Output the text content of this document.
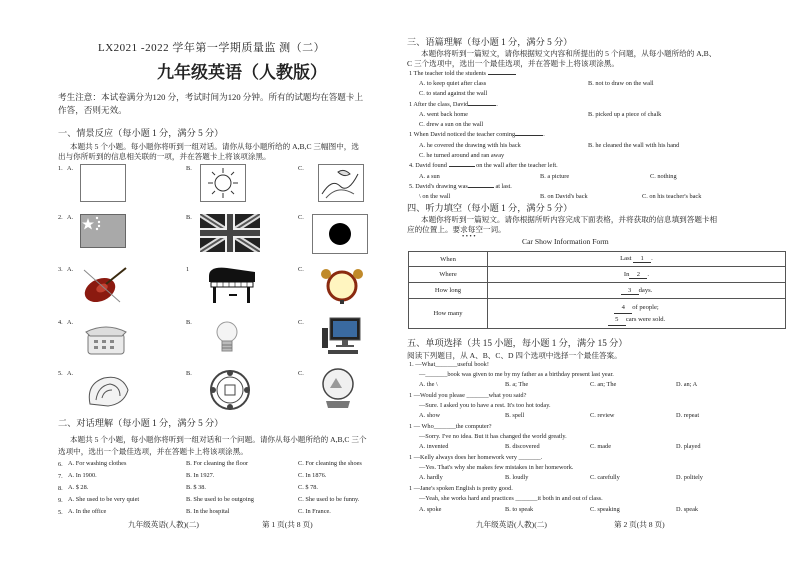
LX2021 -2022 学年第一学期质量监 测（二）
九年级英语（人教版）
考生注意：本试卷满分为120 分，考试时间为120 分钟。所有的试题均在答题卡上
作答，否则无效。
一、情景反应（每小题 1 分，满分 5 分）
本题共 5 个小题。每小题你将听到一组对话。请你从每小题所给的 A,B,C 三幅图中，选
出与你所听到的信息相关联的一项，并在答题卡上将该项涂黑。
1. A.	B.	C.
2. A.	B.	C.
3. A.	1	C.
4. A.	B.	C.
5. A.	B.	C.
二、对话理解（每小题 1 分，满分 5 分）
本题共 5 个小题，每小题你将听到一组对话和一个问题。请你从每小题所给的 A,B,C 三个
选项中，选出一个最佳选项，并在答题卡上将该项涂黑。
6. A. For washing clothes	B. For cleaning the floor	C. For cleaning the shoes
7. A. In 1900.	B. In 1927.	C. In 1876.
8. A. $ 28.	B. $ 38.	C. $ 78.
9. A. She used to be very quiet	B. She used to be outgoing	C. She used to be funny.
5. A. In the office	B. In the hospital	C. In France.
九年级英语(人教)(二)	第 1 页(共 8 页)
三、语篇理解（每小题 1 分，满分 5 分）
本题你将听到一篇短文，请你根据短文内容和所提出的 5 个问题，从每小题所给的 A,B、
C 三个选项中，选出一个最佳选项，并在答题卡上将该项涂黑。
1 The teacher told the students
A. to keep quiet after class	B. not to draw on the wall
C. to stand against the wall
1 After the class, David	.
A. went back home	B. picked up a piece of chalk
C. drew a sun on the wall
1 When David noticed the teacher coming	.
A. he covered the drawing with his back	B. he cleaned the wall with his hand
C. he turned around and ran away
4. David found	on the wall after the teacher left.
A. a sun	B. a picture	C. nothing
5. David's drawing was	at last.
\ on the wall	B. on David's back	C. on his teacher's back
四、听力填空（每小题 1 分，满分 5 分）
本题你将听到一篇短文。请你根据所听内容完成下面表格，并将获取的信息填到答题卡相
应的位置上。要求每空一词。
• • • •
Car Show Information Form
When	Last 1 .
Where	In 2 .
How long	3 days.
How many	4 of people;
5 cars were sold.
五、单项选择（共 15 小题，每小题 1 分，满分 15 分）
阅读下列题目，从 A、B、C、D 四个选项中选择一个最佳答案。
1. —What_______useful book!
—_______book was given to me by my father as a birthday present last year.
A. the \	B. a; The	C. an; The	D. an; A
1 —Would you please _______what you said?
—Sure. I asked you to have a rest. It's too hot today.
A. show	B. spell	C. review	D. repeat
1 — Who_______the computer?
—Sorry. I've no idea. But it has changed the world greatly.
A. invented	B. discovered	C. made	D. played
1 —Kelly always does her homework very _______.
—Yes. That's why she makes few mistakes in her homework.
A. hardly	B. loudly	C. carefully	D. politely
1 —Jane's spoken English is pretty good.
—Yeah, she works hard and practices _______it both in and out of class.
A. spoke	B. to speak	C. speaking	D. speak
九年级英语(人教)(二)	第 2 页(共 8 页)
